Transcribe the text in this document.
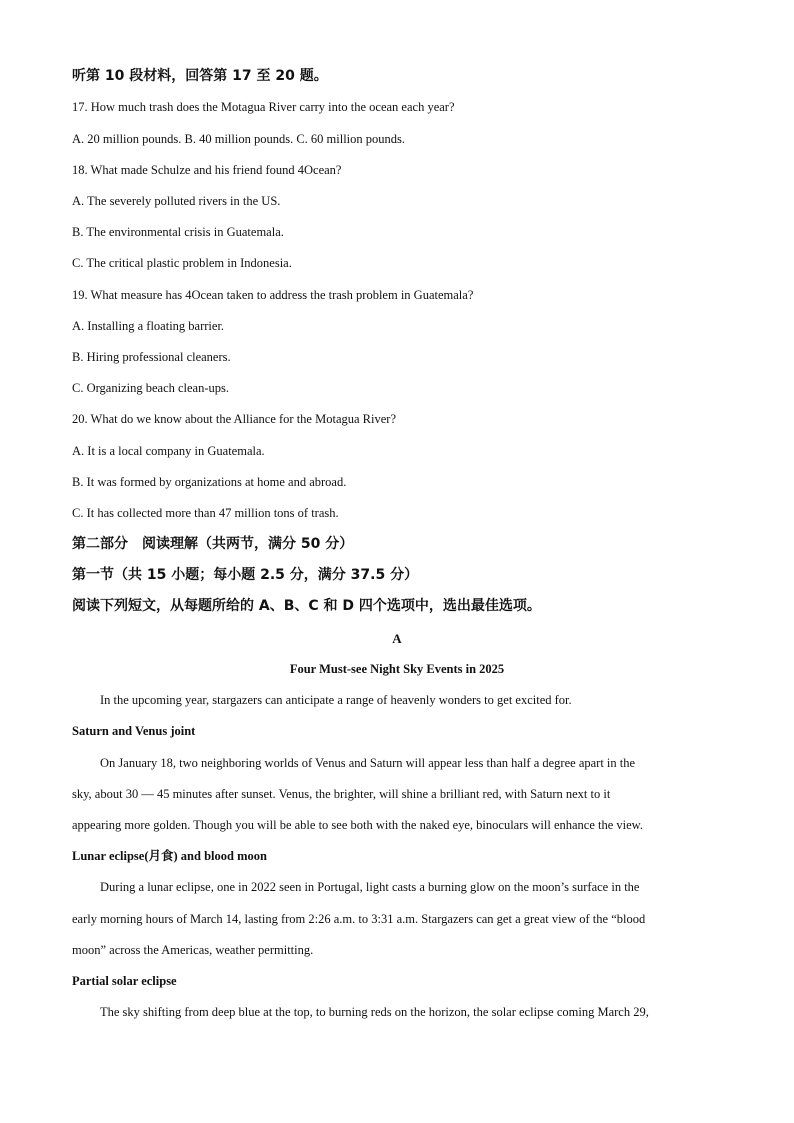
听第 10 段材料，回答第 17 至 20 题。
17. How much trash does the Motagua River carry into the ocean each year?
A. 20 million pounds. B. 40 million pounds. C. 60 million pounds.
18. What made Schulze and his friend found 4Ocean?
A. The severely polluted rivers in the US.
B. The environmental crisis in Guatemala.
C. The critical plastic problem in Indonesia.
19. What measure has 4Ocean taken to address the trash problem in Guatemala?
A. Installing a floating barrier.
B. Hiring professional cleaners.
C. Organizing beach clean-ups.
20. What do we know about the Alliance for the Motagua River?
A. It is a local company in Guatemala.
B. It was formed by organizations at home and abroad.
C. It has collected more than 47 million tons of trash.
第二部分　阅读理解（共两节，满分 50 分）
第一节（共 15 小题；每小题 2.5 分，满分 37.5 分）
阅读下列短文，从每题所给的 A、B、C 和 D 四个选项中，选出最佳选项。
A
Four Must-see Night Sky Events in 2025
In the upcoming year, stargazers can anticipate a range of heavenly wonders to get excited for.
Saturn and Venus joint
On January 18, two neighboring worlds of Venus and Saturn will appear less than half a degree apart in the
sky, about 30 — 45 minutes after sunset. Venus, the brighter, will shine a brilliant red, with Saturn next to it
appearing more golden. Though you will be able to see both with the naked eye, binoculars will enhance the view.
Lunar eclipse(月食) and blood moon
During a lunar eclipse, one in 2022 seen in Portugal, light casts a burning glow on the moon’s surface in the
early morning hours of March 14, lasting from 2:26 a.m. to 3:31 a.m. Stargazers can get a great view of the “blood
moon” across the Americas, weather permitting.
Partial solar eclipse
The sky shifting from deep blue at the top, to burning reds on the horizon, the solar eclipse coming March 29,
